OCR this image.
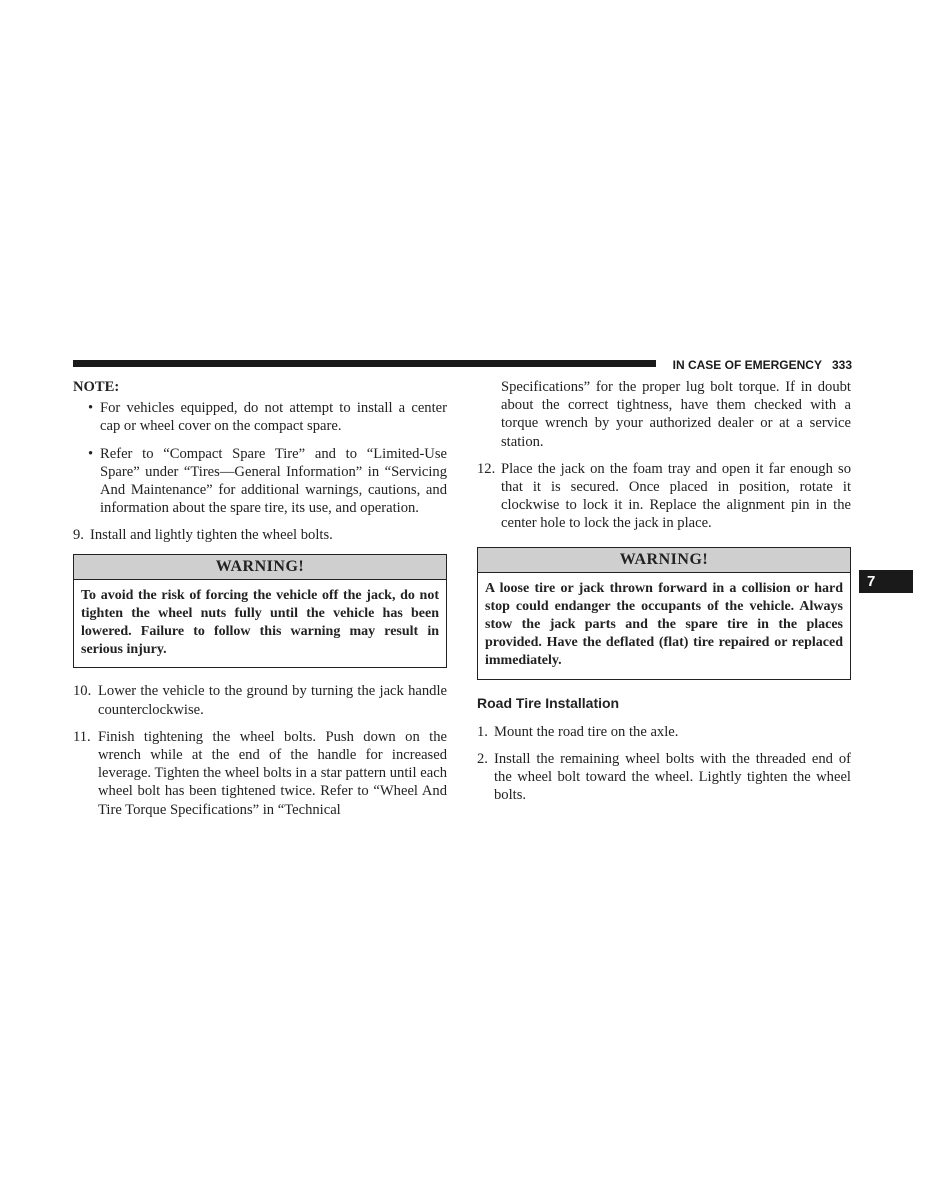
IN CASE OF EMERGENCY 333
7

NOTE:

• For vehicles equipped, do not attempt to install a center cap or wheel cover on the compact spare.
• Refer to “Compact Spare Tire” and to “Limited-Use Spare” under “Tires—General Information” in “Servicing And Maintenance” for additional warnings, cautions, and information about the spare tire, its use, and operation.
9. Install and lightly tighten the wheel bolts.
WARNING!
To avoid the risk of forcing the vehicle off the jack, do not tighten the wheel nuts fully until the vehicle has been lowered. Failure to follow this warning may result in serious injury.
10. Lower the vehicle to the ground by turning the jack handle counterclockwise.
11. Finish tightening the wheel bolts. Push down on the wrench while at the end of the handle for increased leverage. Tighten the wheel bolts in a star pattern until each wheel bolt has been tightened twice. Refer to “Wheel And Tire Torque Specifications” in “Technical

Specifications” for the proper lug bolt torque. If in doubt about the correct tightness, have them checked with a torque wrench by your authorized dealer or at a service station.

12. Place the jack on the foam tray and open it far enough so that it is secured. Once placed in position, rotate it clockwise to lock it in. Replace the alignment pin in the center hole to lock the jack in place.
WARNING!
A loose tire or jack thrown forward in a collision or hard stop could endanger the occupants of the vehicle. Always stow the jack parts and the spare tire in the places provided. Have the deflated (flat) tire repaired or replaced immediately.

Road Tire Installation

1. Mount the road tire on the axle.
2. Install the remaining wheel bolts with the threaded end of the wheel bolt toward the wheel. Lightly tighten the wheel bolts.
